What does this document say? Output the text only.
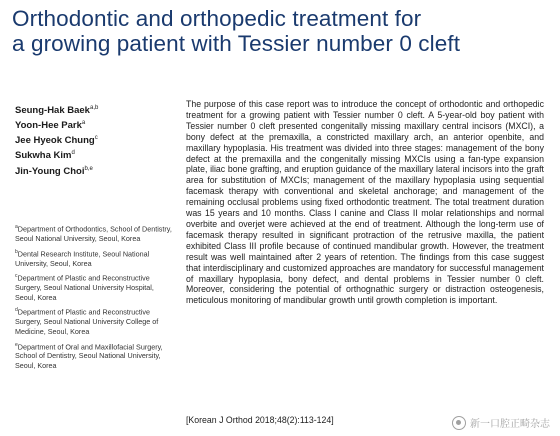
Orthodontic and orthopedic treatment for
a growing patient with Tessier number 0 cleft
Seung-Hak Baek$^{a,b}$
Yoon-Hee Park$^a$
Jee Hyeok Chung$^c$
Sukwha Kim$^d$
Jin-Young Choi$^{b,e}$
$^a$Department of Orthodontics, School of Dentistry, Seoul National University, Seoul, Korea
$^b$Dental Research Institute, Seoul National University, Seoul, Korea
$^c$Department of Plastic and Reconstructive Surgery, Seoul National University Hospital, Seoul, Korea
$^d$Department of Plastic and Reconstructive Surgery, Seoul National University College of Medicine, Seoul, Korea
$^e$Department of Oral and Maxillofacial Surgery, School of Dentistry, Seoul National University, Seoul, Korea
The purpose of this case report was to introduce the concept of orthodontic and orthopedic treatment for a growing patient with Tessier number 0 cleft. A 5-year-old boy patient with Tessier number 0 cleft presented congenitally missing maxillary central incisors (MXCI), a bony defect at the premaxilla, a constricted maxillary arch, an anterior openbite, and maxillary hypoplasia. His treatment was divided into three stages: management of the bony defect at the premaxilla and the congenitally missing MXCIs using a fan-type expansion plate, iliac bone grafting, and eruption guidance of the maxillary lateral incisors into the graft area for substitution of MXCIs; management of the maxillary hypoplasia using sequential facemask therapy with conventional and skeletal anchorage; and management of the remaining occlusal problems using fixed orthodontic treatment. The total treatment duration was 15 years and 10 months. Class I canine and Class II molar relationships and normal overbite and overjet were achieved at the end of treatment. Although the long-term use of facemask therapy resulted in significant protraction of the retrusive maxilla, the patient exhibited Class III profile because of continued mandibular growth. However, the treatment result was well maintained after 2 years of retention. The findings from this case suggest that interdisciplinary and customized approaches are mandatory for successful management of maxillary hypoplasia, bony defect, and dental problems in Tessier number 0 cleft. Moreover, considering the potential of orthognathic surgery or distraction osteogenesis, meticulous monitoring of mandibular growth until growth completion is important.
[Korean J Orthod 2018;48(2):113-124]	新一口腔正畸杂志
